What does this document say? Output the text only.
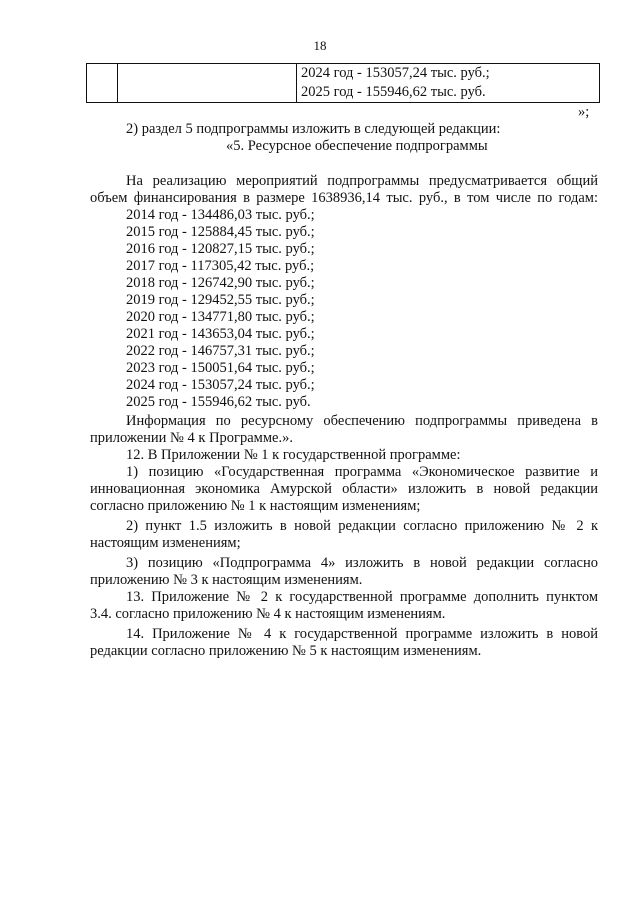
18

2024 год - 153057,24 тыс. руб.;
2025 год - 155946,62 тыс. руб.
»;
2) раздел 5 подпрограммы изложить в следующей редакции:
«5. Ресурсное обеспечение подпрограммы
На реализацию мероприятий подпрограммы предусматривается общий
объем финансирования в размере 1638936,14 тыс. руб., в том числе по годам:
2014 год - 134486,03 тыс. руб.;
2015 год - 125884,45 тыс. руб.;
2016 год - 120827,15 тыс. руб.;
2017 год - 117305,42 тыс. руб.;
2018 год - 126742,90 тыс. руб.;
2019 год - 129452,55 тыс. руб.;
2020 год - 134771,80 тыс. руб.;
2021 год - 143653,04 тыс. руб.;
2022 год - 146757,31 тыс. руб.;
2023 год - 150051,64 тыс. руб.;
2024 год - 153057,24 тыс. руб.;
2025 год - 155946,62 тыс. руб.
Информация по ресурсному обеспечению подпрограммы приведена в
приложении № 4 к Программе.».
12. В Приложении № 1 к государственной программе:
1) позицию «Государственная программа «Экономическое развитие и
инновационная экономика Амурской области» изложить в новой редакции
согласно приложению № 1 к настоящим изменениям;
2) пункт 1.5 изложить в новой редакции согласно приложению № 2 к
настоящим изменениям;
3) позицию «Подпрограмма 4» изложить в новой редакции согласно
приложению № 3 к настоящим изменениям.
13. Приложение № 2 к государственной программе дополнить пунктом
3.4. согласно приложению № 4 к настоящим изменениям.
14. Приложение № 4 к государственной программе изложить в новой
редакции согласно приложению № 5 к настоящим изменениям.
